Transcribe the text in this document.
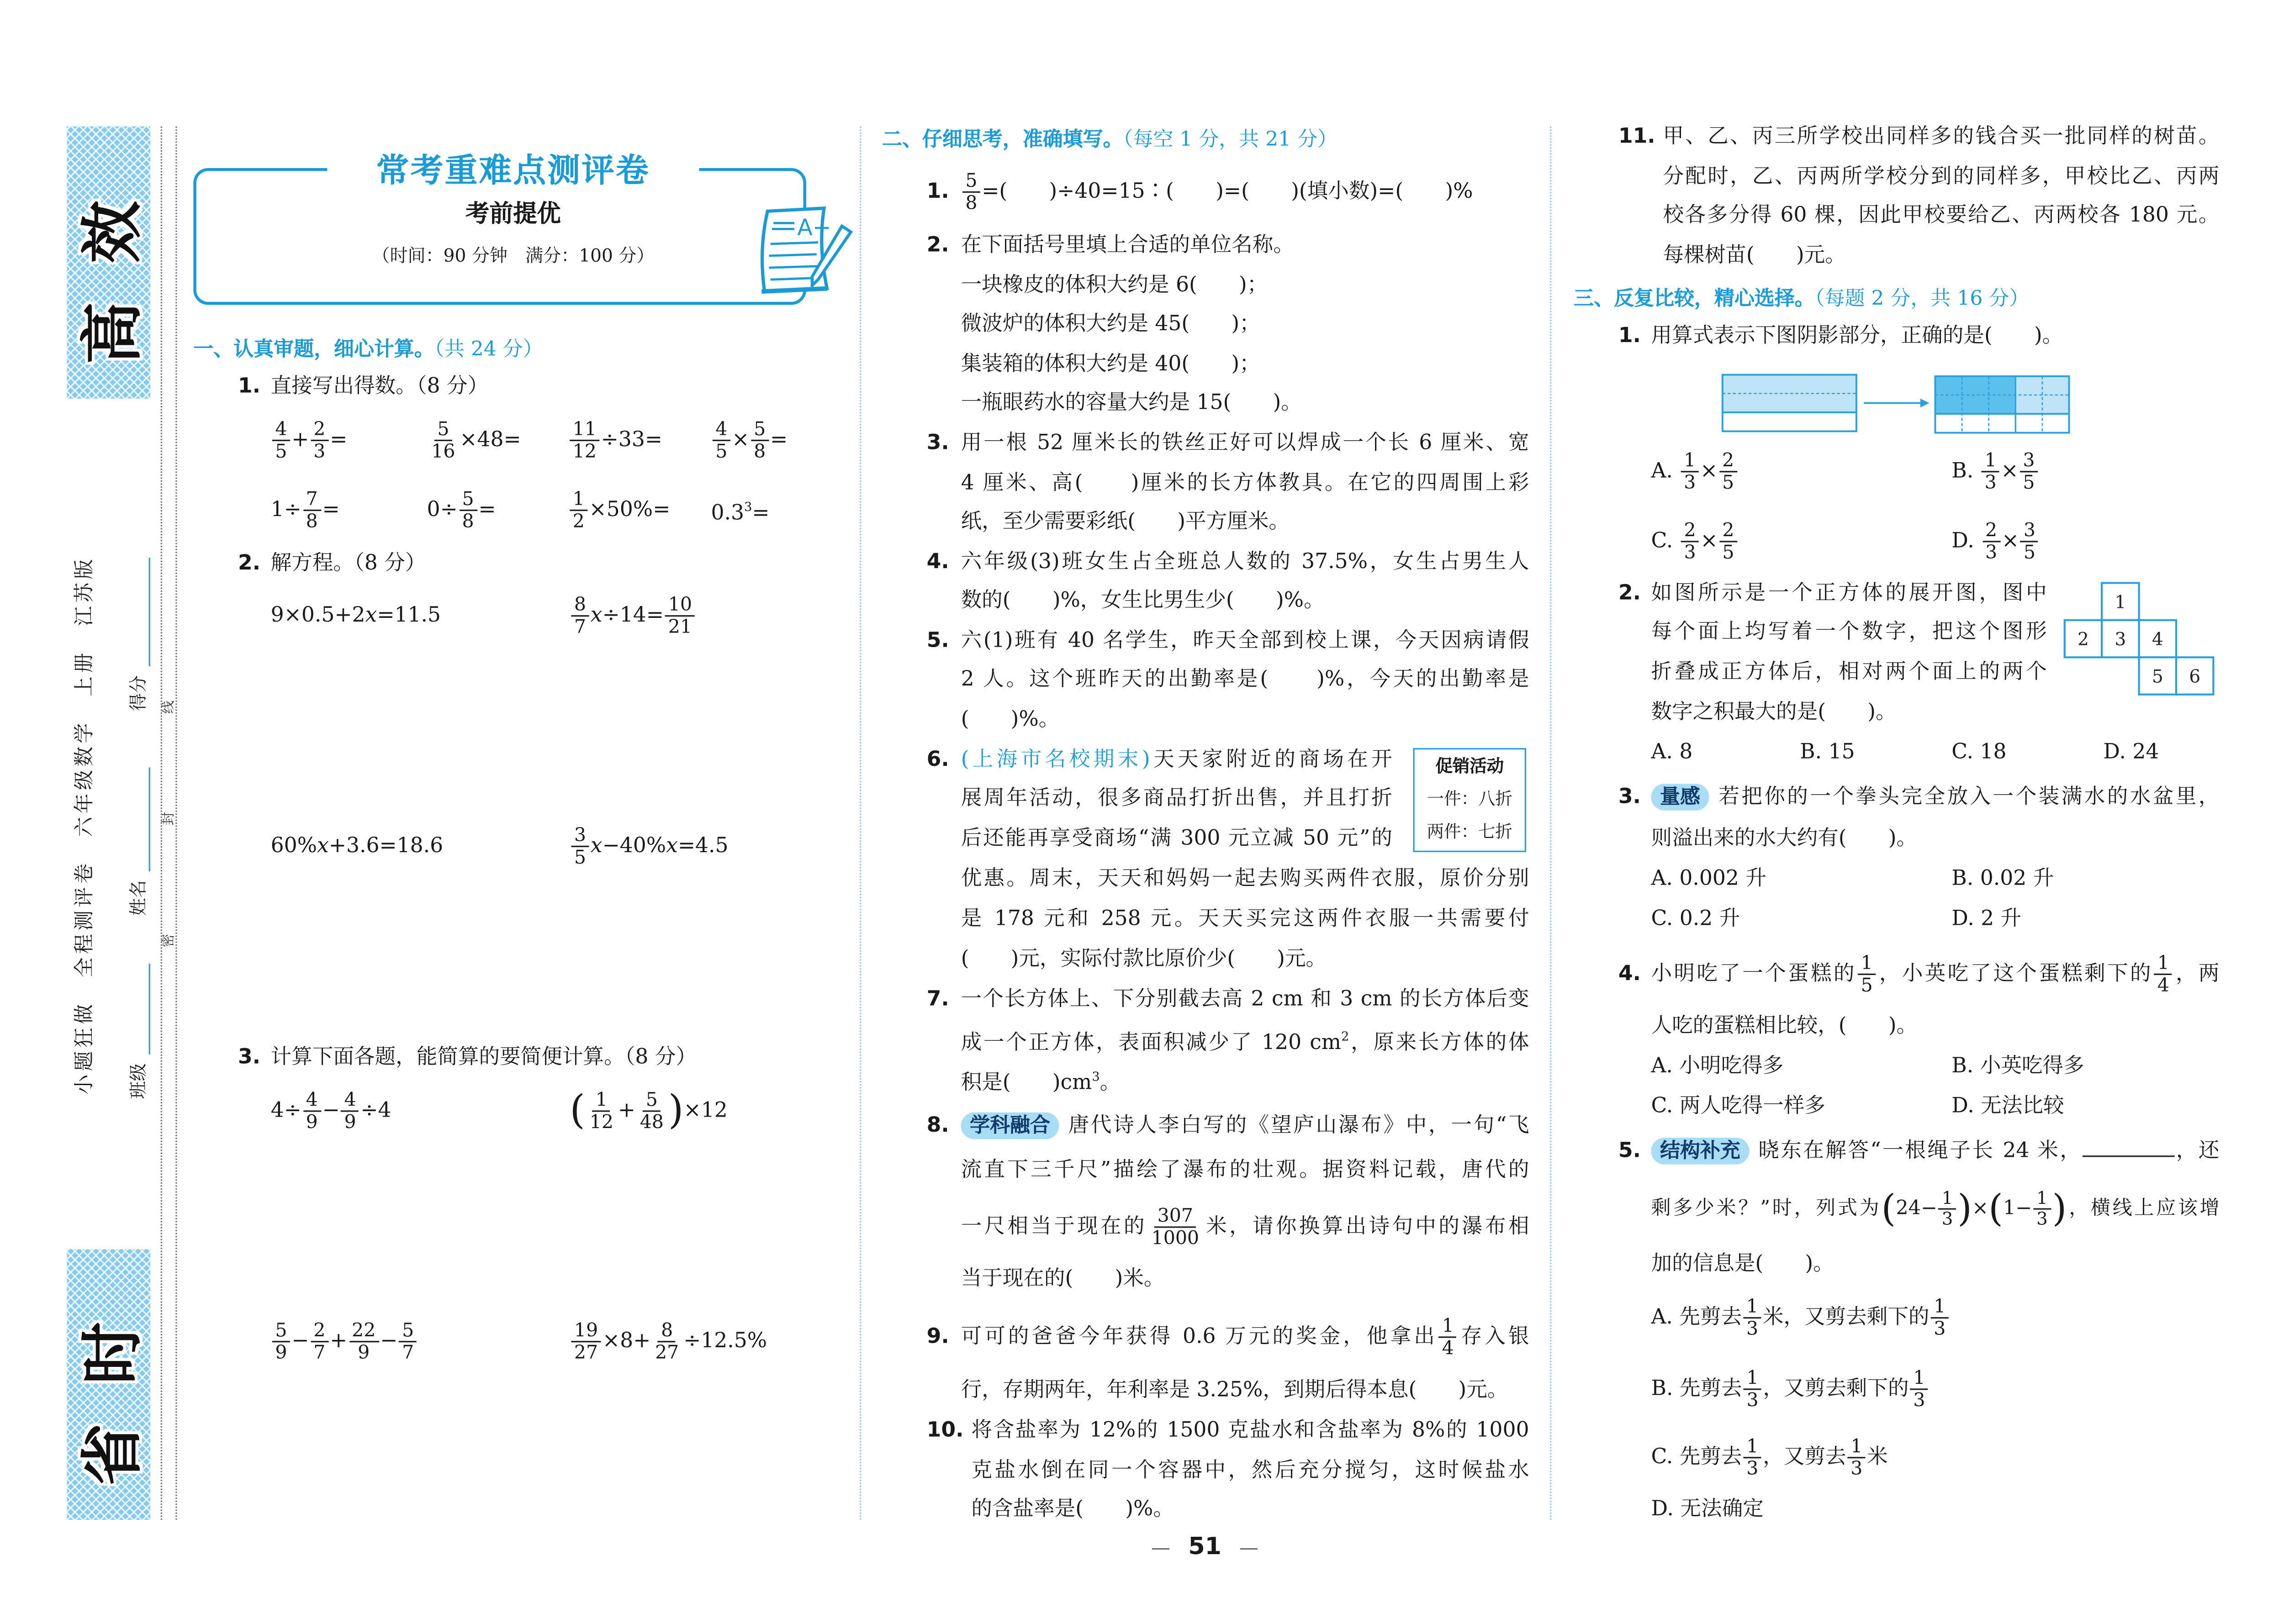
高效
省时
小题狂做　全程测评卷　六年级数学　上册　江苏版	班级
姓名
得分
密
封
线
常考重难点测评卷
考前提优
（时间：90 分钟　满分：100 分）
A+
一、认真审题，细心计算。（共 24 分）
二、仔细思考，准确填写。（每空 1 分，共 21 分）
三、反复比较，精心选择。（每题 2 分，共 16 分）
促销活动
一件：八折
两件：七折
1
2	3	4
5	6
— 51	—
1. 直接写出得数。（8 分）
$\frac{4}{5} + \frac{2}{3}$ =	$\frac{5}{16} \times 48=$	$\frac{11}{12} \div 33=$	$\frac{4}{5} \times \frac{5}{8}$ =
$1\div \frac{7}{8}$ =	$0\div \frac{5}{8}$ =	$\frac{1}{2} \times 50\%=$	$0.3^3=$
2. 解方程。（8 分）
9×0.5+2x=11.5	$\frac{8}{7} x\div 14= \frac{10}{21}$
60%x+3.6=18.6	$\frac{3}{5} x-40\%x=4.5$
3. 计算下面各题，能简算的要简便计算。（8 分）
$4\div \frac{4}{9} - \frac{4}{9} \div 4$	( $\frac{1}{12} + \frac{5}{48} )\times 12$
$\frac{5}{9} - \frac{2}{7} + \frac{22}{9} - \frac{5}{7}$	$\frac{19}{27} \times 8+ \frac{8}{27} \div 12.5\%$
1. $\frac{5}{8}$ =(　　)÷40=15∶(　　)=(　　)(填小数)=(　　)%
2. 在下面括号里填上合适的单位名称。
一块橡皮的体积大约是 6(　　)；
微波炉的体积大约是 45(　　)；
集装箱的体积大约是 40(　　)；
一瓶眼药水的容量大约是 15(　　)。
3. 用一根 52 厘米长的铁丝正好可以焊成一个长 6 厘米、宽
4 厘米、高(　　)厘米的长方体教具。在它的四周围上彩
纸，至少需要彩纸(　　)平方厘米。
4. 六年级(3)班女生占全班总人数的 37.5%，女生占男生人
数的(　　)%，女生比男生少(　　)%。
5. 六(1)班有 40 名学生，昨天全部到校上课，今天因病请假
2 人。这个班昨天的出勤率是(　　)%，今天的出勤率是
(　　)%。
6. (上海市名校期末)天天家附近的商场在开
展周年活动，很多商品打折出售，并且打折
后还能再享受商场“满 300 元立减 50 元”的
优惠。周末，天天和妈妈一起去购买两件衣服，原价分别
是 178 元和 258 元。天天买完这两件衣服一共需要付
(　　)元，实际付款比原价少(　　)元。
7. 一个长方体上、下分别截去高 2 cm 和 3 cm 的长方体后变
成一个正方体，表面积减少了 120 $cm^2$，原来长方体的体
积是(　　)$cm^3$。
8.	学科融合	唐代诗人李白写的《望庐山瀑布》中，一句“飞
流直下三千尺”描绘了瀑布的壮观。据资料记载，唐代的
一尺相当于现在的 $\frac{307}{1000}$ 米，请你换算出诗句中的瀑布相
当于现在的(　　)米。
9. 可可的爸爸今年获得 0.6 万元的奖金，他拿出 $\frac{1}{4}$ 存入银
行，存期两年，年利率是 3.25%，到期后得本息(　　)元。
10. 将含盐率为 12%的 1500 克盐水和含盐率为 8%的 1000
克盐水倒在同一个容器中，然后充分搅匀，这时候盐水
的含盐率是(　　)%。
11. 甲、乙、丙三所学校出同样多的钱合买一批同样的树苗。
分配时，乙、丙两所学校分到的同样多，甲校比乙、丙两
校各多分得 60 棵，因此甲校要给乙、丙两校各 180 元。
每棵树苗(　　)元。
1. 用算式表示下图阴影部分，正确的是(　　)。
A. $\frac{1}{3} \times \frac{2}{5}$	B. $\frac{1}{3} \times \frac{3}{5}$
C. $\frac{2}{3} \times \frac{2}{5}$	D. $\frac{2}{3} \times \frac{3}{5}$
2. 如图所示是一个正方体的展开图，图中
每个面上均写着一个数字，把这个图形
折叠成正方体后，相对两个面上的两个
数字之积最大的是(　　)。
A. 8	B. 15	C. 18	D. 24
3.	量感	若把你的一个拳头完全放入一个装满水的水盆里，
则溢出来的水大约有(　　)。
A. 0.002 升	B. 0.02 升
C. 0.2 升	D. 2 升
4. 小明吃了一个蛋糕的 $\frac{1}{5}$ ，小英吃了这个蛋糕剩下的 $\frac{1}{4}$ ，两
人吃的蛋糕相比较，(　　)。
A. 小明吃得多	B. 小英吃得多
C. 两人吃得一样多	D. 无法比较
5.	结构补充	晓东在解答“一根绳子长 24 米，	，还
剩多少米？”时，列式为$(24- \frac{1}{3} )\times(1- \frac{1}{3}$ )，横线上应该增
加的信息是(　　)。
A. 先剪去 $\frac{1}{3}$ 米，又剪去剩下的 $\frac{1}{3}$
B. 先剪去 $\frac{1}{3}$ ，又剪去剩下的 $\frac{1}{3}$
C. 先剪去 $\frac{1}{3}$ ，又剪去 $\frac{1}{3}$ 米
D. 无法确定
